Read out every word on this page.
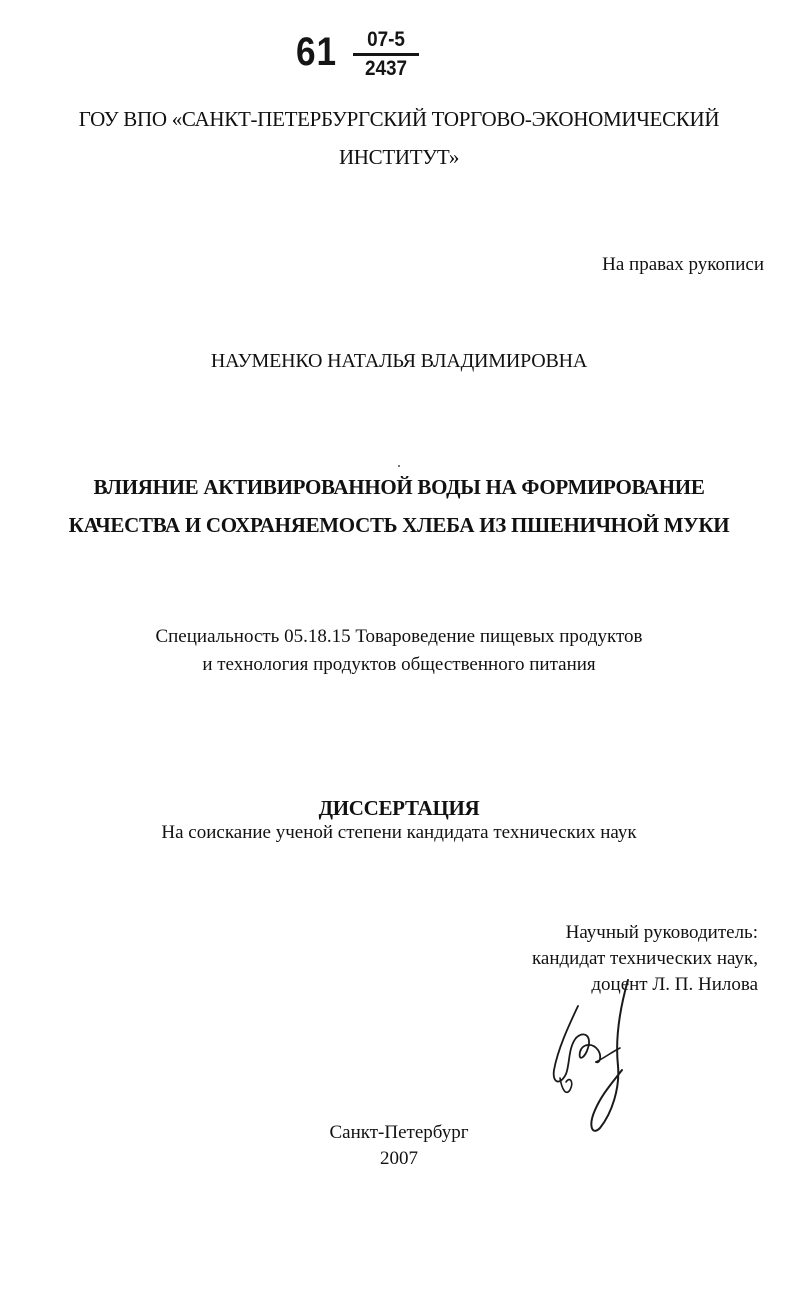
61	07-5
2437
ГОУ ВПО «САНКТ-ПЕТЕРБУРГСКИЙ ТОРГОВО-ЭКОНОМИЧЕСКИЙ
ИНСТИТУТ»
На правах рукописи
НАУМЕНКО НАТАЛЬЯ ВЛАДИМИРОВНА
ВЛИЯНИЕ АКТИВИРОВАННОЙ ВОДЫ НА ФОРМИРОВАНИЕ
КАЧЕСТВА И СОХРАНЯЕМОСТЬ ХЛЕБА ИЗ ПШЕНИЧНОЙ МУКИ
Специальность 05.18.15 Товароведение пищевых продуктов
и технология продуктов общественного питания
ДИССЕРТАЦИЯ
На соискание ученой степени кандидата технических наук
Научный руководитель:
кандидат технических наук,
доцент Л. П. Нилова
Санкт-Петербург
2007
